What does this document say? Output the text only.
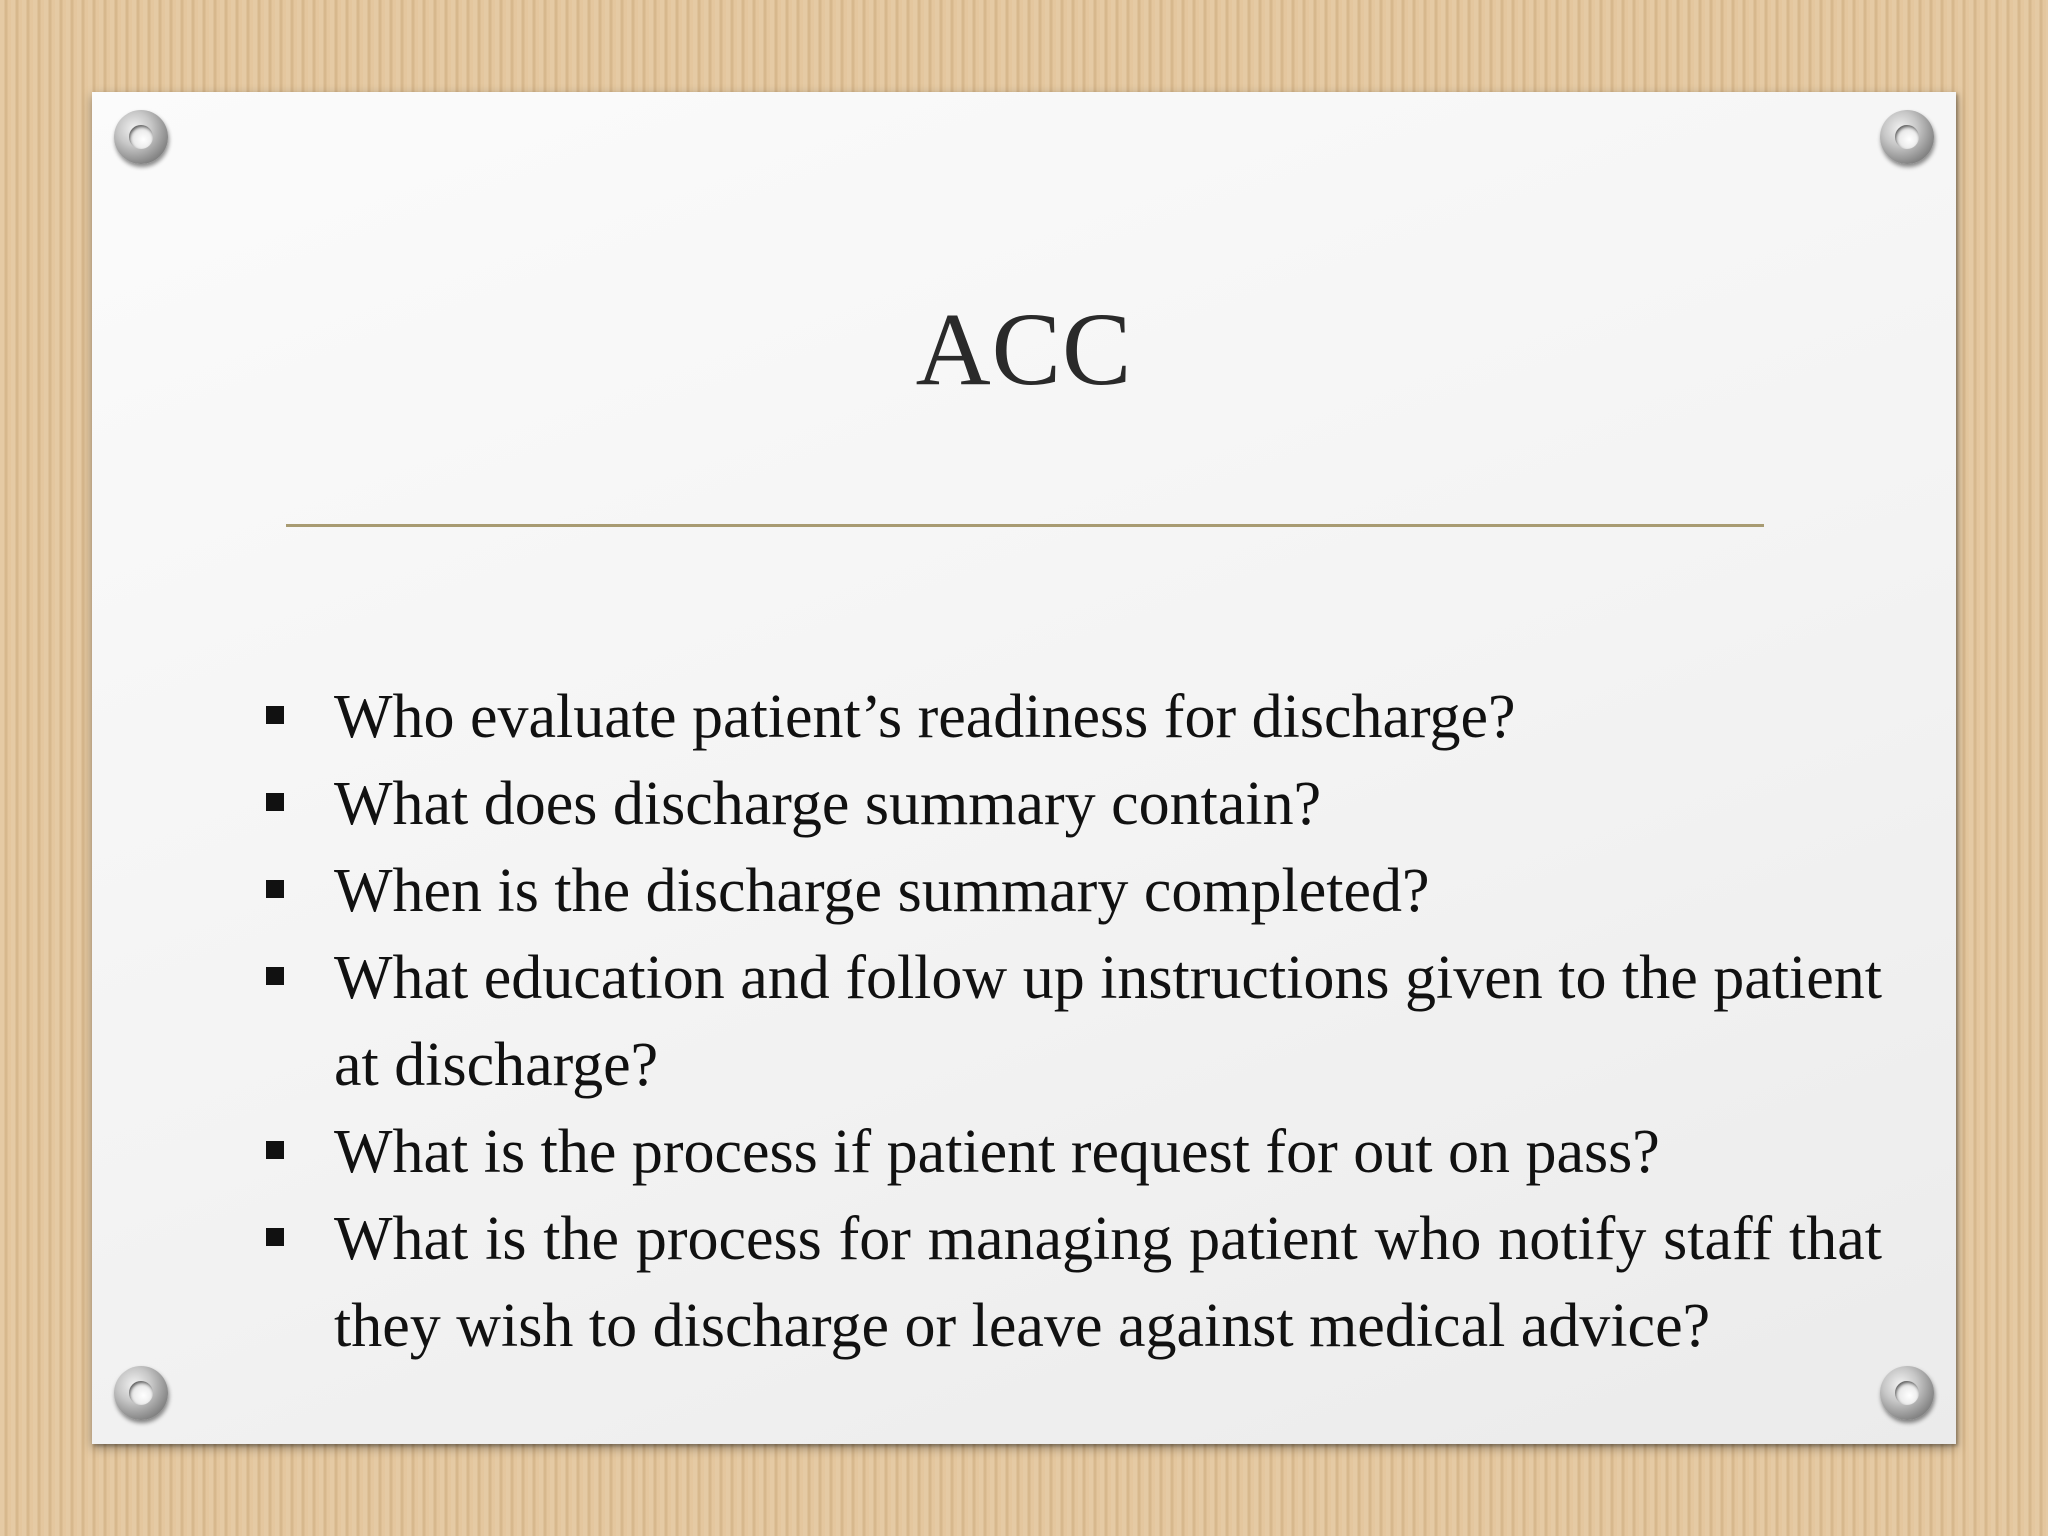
ACC
Who evaluate patient’s readiness for discharge?
What does discharge summary contain?
When is the discharge summary completed?
What education and follow up instructions given to the patient at discharge?
What is the process if patient request for out on pass?
What is the process for managing patient who notify staff that they wish to discharge or leave against medical advice?
